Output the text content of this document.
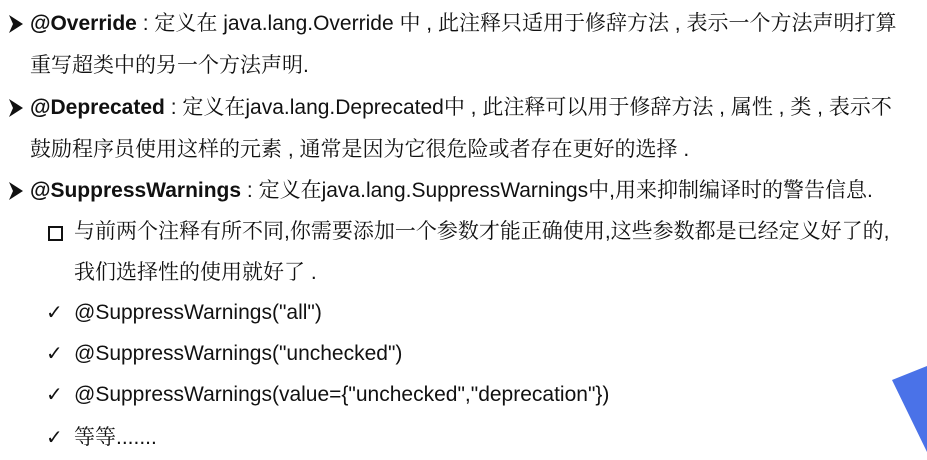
@Override : 定义在 java.lang.Override 中 , 此注释只适用于修辞方法 , 表示一个方法声明打算
重写超类中的另一个方法声明.
@Deprecated : 定义在java.lang.Deprecated中 , 此注释可以用于修辞方法 , 属性 , 类 , 表示不
鼓励程序员使用这样的元素 , 通常是因为它很危险或者存在更好的选择 .
@SuppressWarnings : 定义在java.lang.SuppressWarnings中,用来抑制编译时的警告信息.
与前两个注释有所不同,你需要添加一个参数才能正确使用,这些参数都是已经定义好了的,
我们选择性的使用就好了 .
✓ @SuppressWarnings("all")
✓ @SuppressWarnings("unchecked")
✓ @SuppressWarnings(value={"unchecked","deprecation"})
✓ 等等.......
